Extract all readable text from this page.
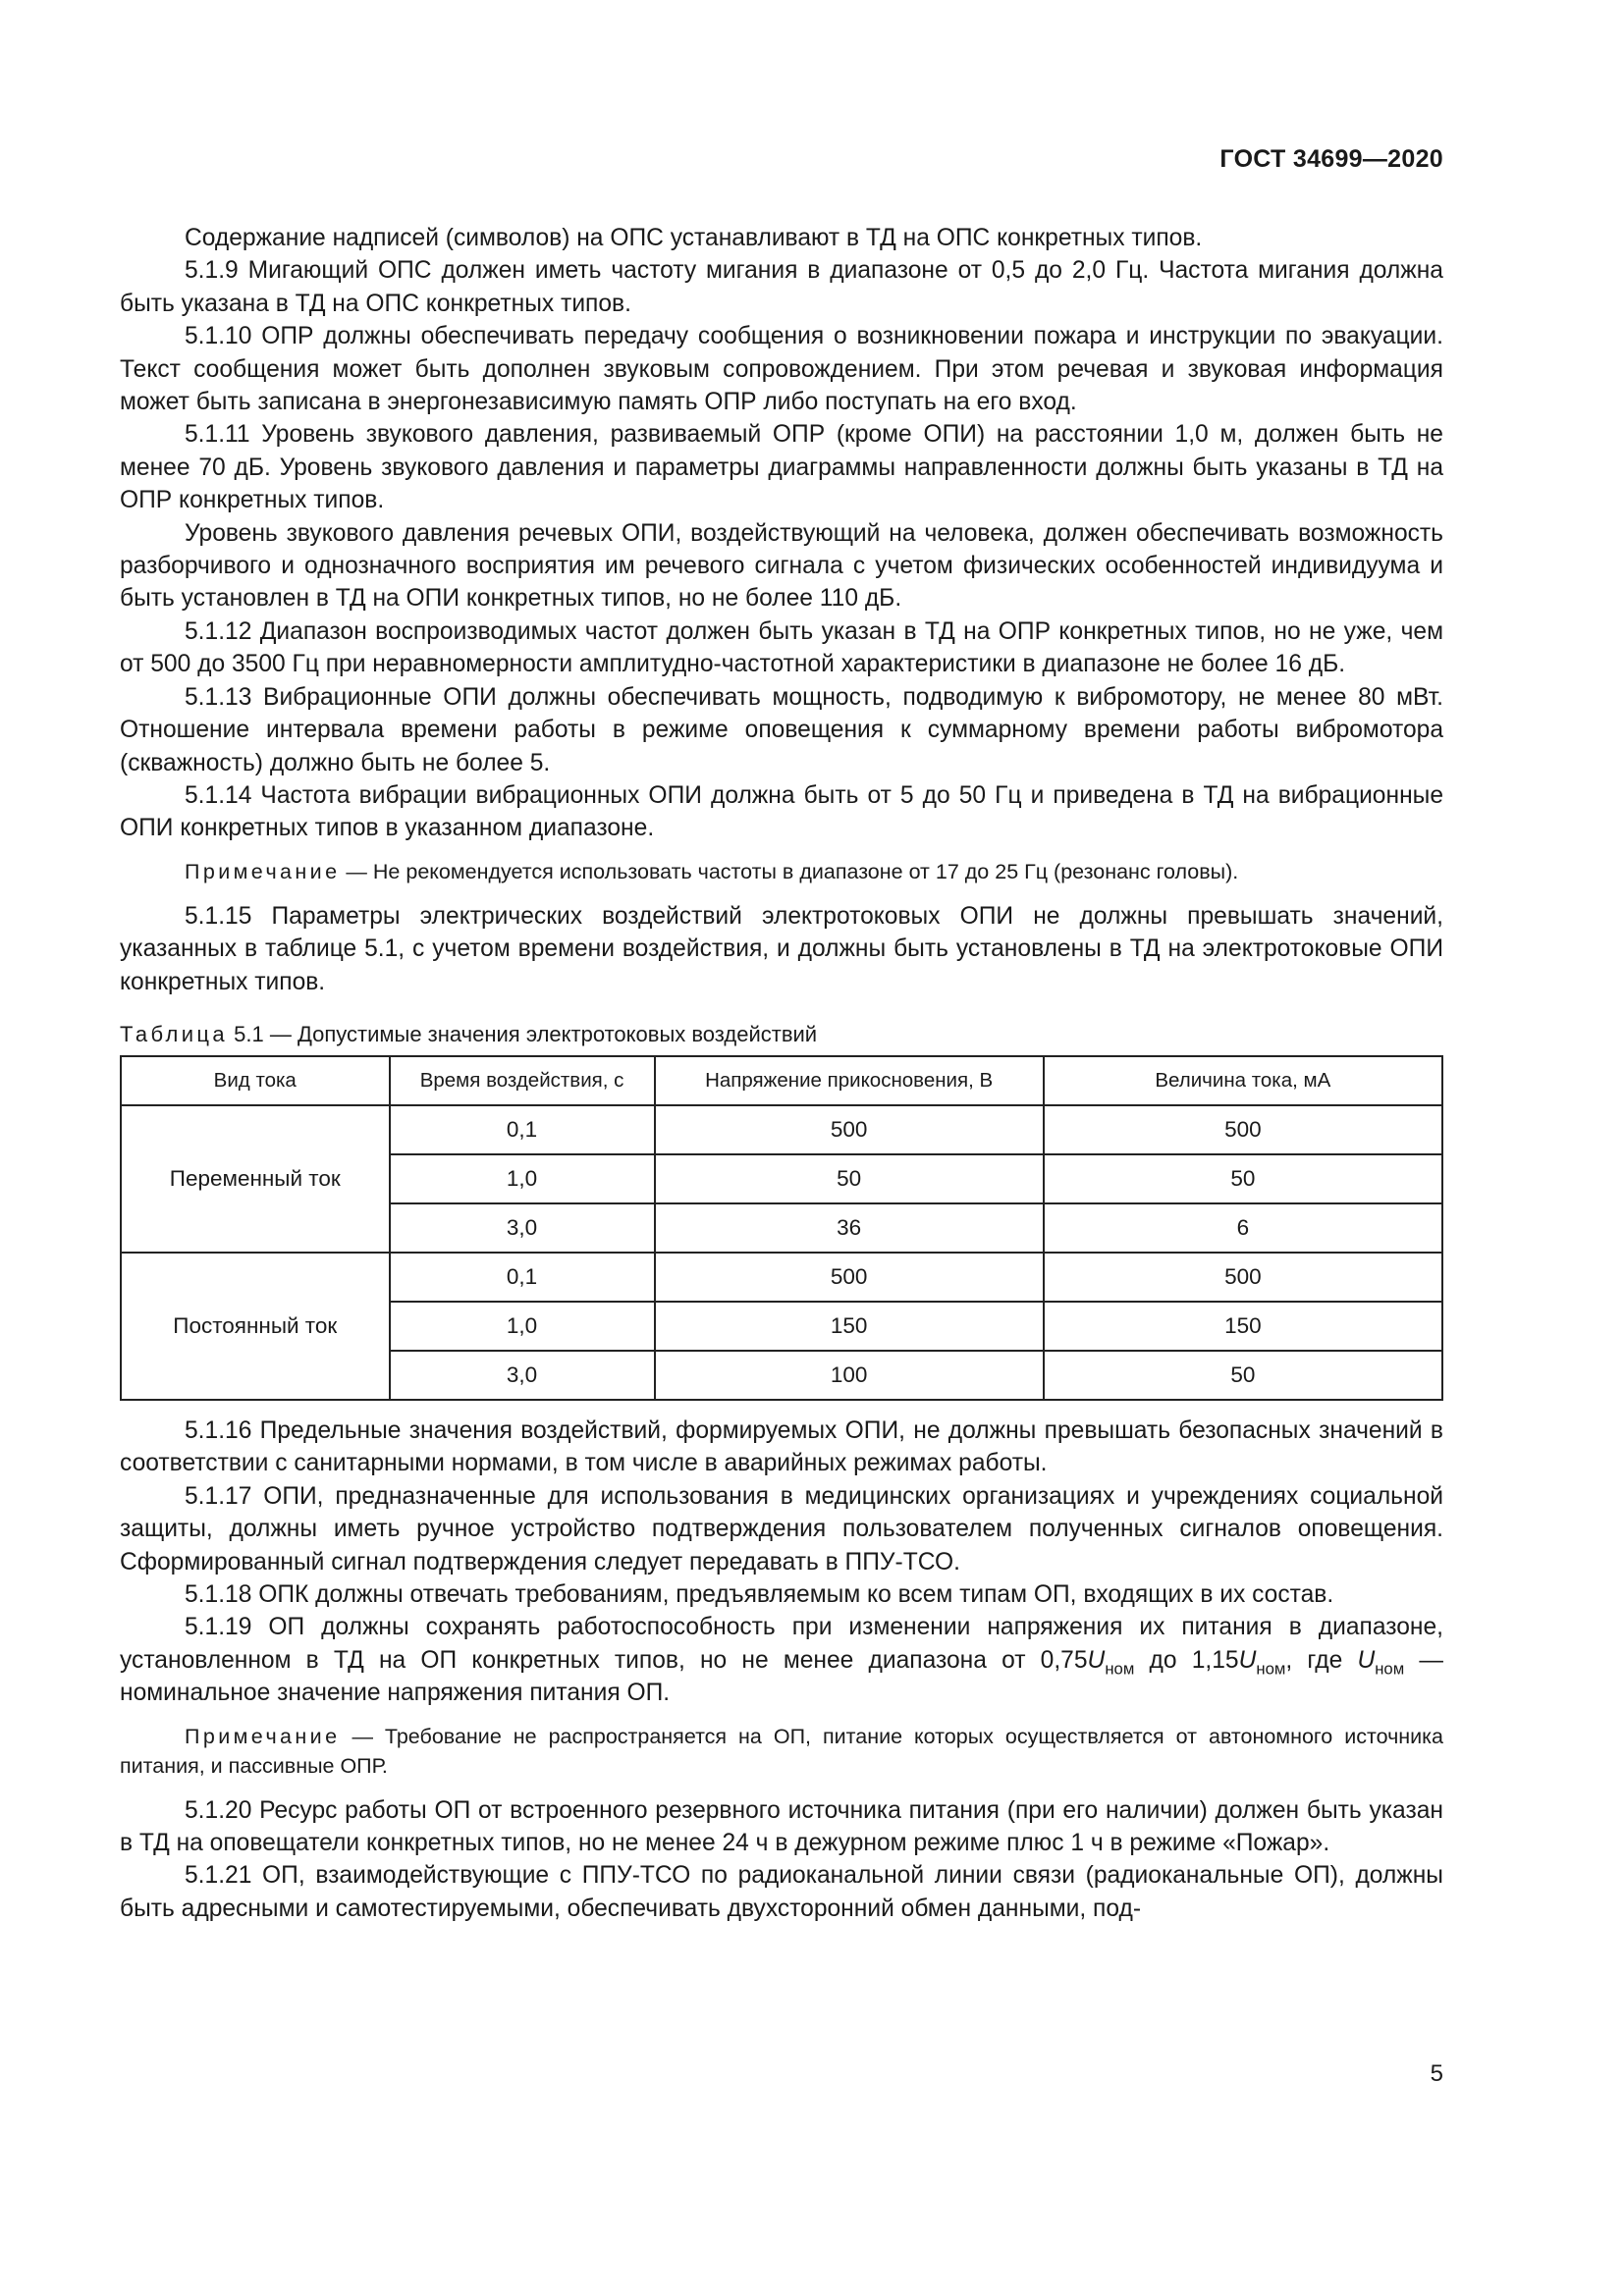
ГОСТ 34699—2020

Содержание надписей (символов) на ОПС устанавливают в ТД на ОПС конкретных типов.

5.1.9 Мигающий ОПС должен иметь частоту мигания в диапазоне от 0,5 до 2,0 Гц. Частота мигания должна быть указана в ТД на ОПС конкретных типов.

5.1.10 ОПР должны обеспечивать передачу сообщения о возникновении пожара и инструкции по эвакуации. Текст сообщения может быть дополнен звуковым сопровождением. При этом речевая и звуковая информация может быть записана в энергонезависимую память ОПР либо поступать на его вход.

5.1.11 Уровень звукового давления, развиваемый ОПР (кроме ОПИ) на расстоянии 1,0 м, должен быть не менее 70 дБ. Уровень звукового давления и параметры диаграммы направленности должны быть указаны в ТД на ОПР конкретных типов.

Уровень звукового давления речевых ОПИ, воздействующий на человека, должен обеспечивать возможность разборчивого и однозначного восприятия им речевого сигнала с учетом физических особенностей индивидуума и быть установлен в ТД на ОПИ конкретных типов, но не более 110 дБ.

5.1.12 Диапазон воспроизводимых частот должен быть указан в ТД на ОПР конкретных типов, но не уже, чем от 500 до 3500 Гц при неравномерности амплитудно-частотной характеристики в диапазоне не более 16 дБ.

5.1.13 Вибрационные ОПИ должны обеспечивать мощность, подводимую к вибромотору, не менее 80 мВт. Отношение интервала времени работы в режиме оповещения к суммарному времени работы вибромотора (скважность) должно быть не более 5.

5.1.14 Частота вибрации вибрационных ОПИ должна быть от 5 до 50 Гц и приведена в ТД на вибрационные ОПИ конкретных типов в указанном диапазоне.

Примечание — Не рекомендуется использовать частоты в диапазоне от 17 до 25 Гц (резонанс головы).

5.1.15 Параметры электрических воздействий электротоковых ОПИ не должны превышать значений, указанных в таблице 5.1, с учетом времени воздействия, и должны быть установлены в ТД на электротоковые ОПИ конкретных типов.

Таблица 5.1 — Допустимые значения электротоковых воздействий
Вид тока	Время воздействия, с	Напряжение прикосновения, В	Величина тока, мА
Переменный ток	0,1	500	500
	1,0	50	50
	3,0	36	6
Постоянный ток	0,1	500	500
	1,0	150	150
	3,0	100	50

5.1.16 Предельные значения воздействий, формируемых ОПИ, не должны превышать безопасных значений в соответствии с санитарными нормами, в том числе в аварийных режимах работы.

5.1.17 ОПИ, предназначенные для использования в медицинских организациях и учреждениях социальной защиты, должны иметь ручное устройство подтверждения пользователем полученных сигналов оповещения. Сформированный сигнал подтверждения следует передавать в ППУ-ТСО.

5.1.18 ОПК должны отвечать требованиям, предъявляемым ко всем типам ОП, входящих в их состав.

5.1.19 ОП должны сохранять работоспособность при изменении напряжения их питания в диапазоне, установленном в ТД на ОП конкретных типов, но не менее диапазона от $0,75U_{ном}$ до $1,15U_{ном}$, где $U_{ном}$ — номинальное значение напряжения питания ОП.

Примечание — Требование не распространяется на ОП, питание которых осуществляется от автономного источника питания, и пассивные ОПР.

5.1.20 Ресурс работы ОП от встроенного резервного источника питания (при его наличии) должен быть указан в ТД на оповещатели конкретных типов, но не менее 24 ч в дежурном режиме плюс 1 ч в режиме «Пожар».

5.1.21 ОП, взаимодействующие с ППУ-ТСО по радиоканальной линии связи (радиоканальные ОП), должны быть адресными и самотестируемыми, обеспечивать двухсторонний обмен данными, под-

5
